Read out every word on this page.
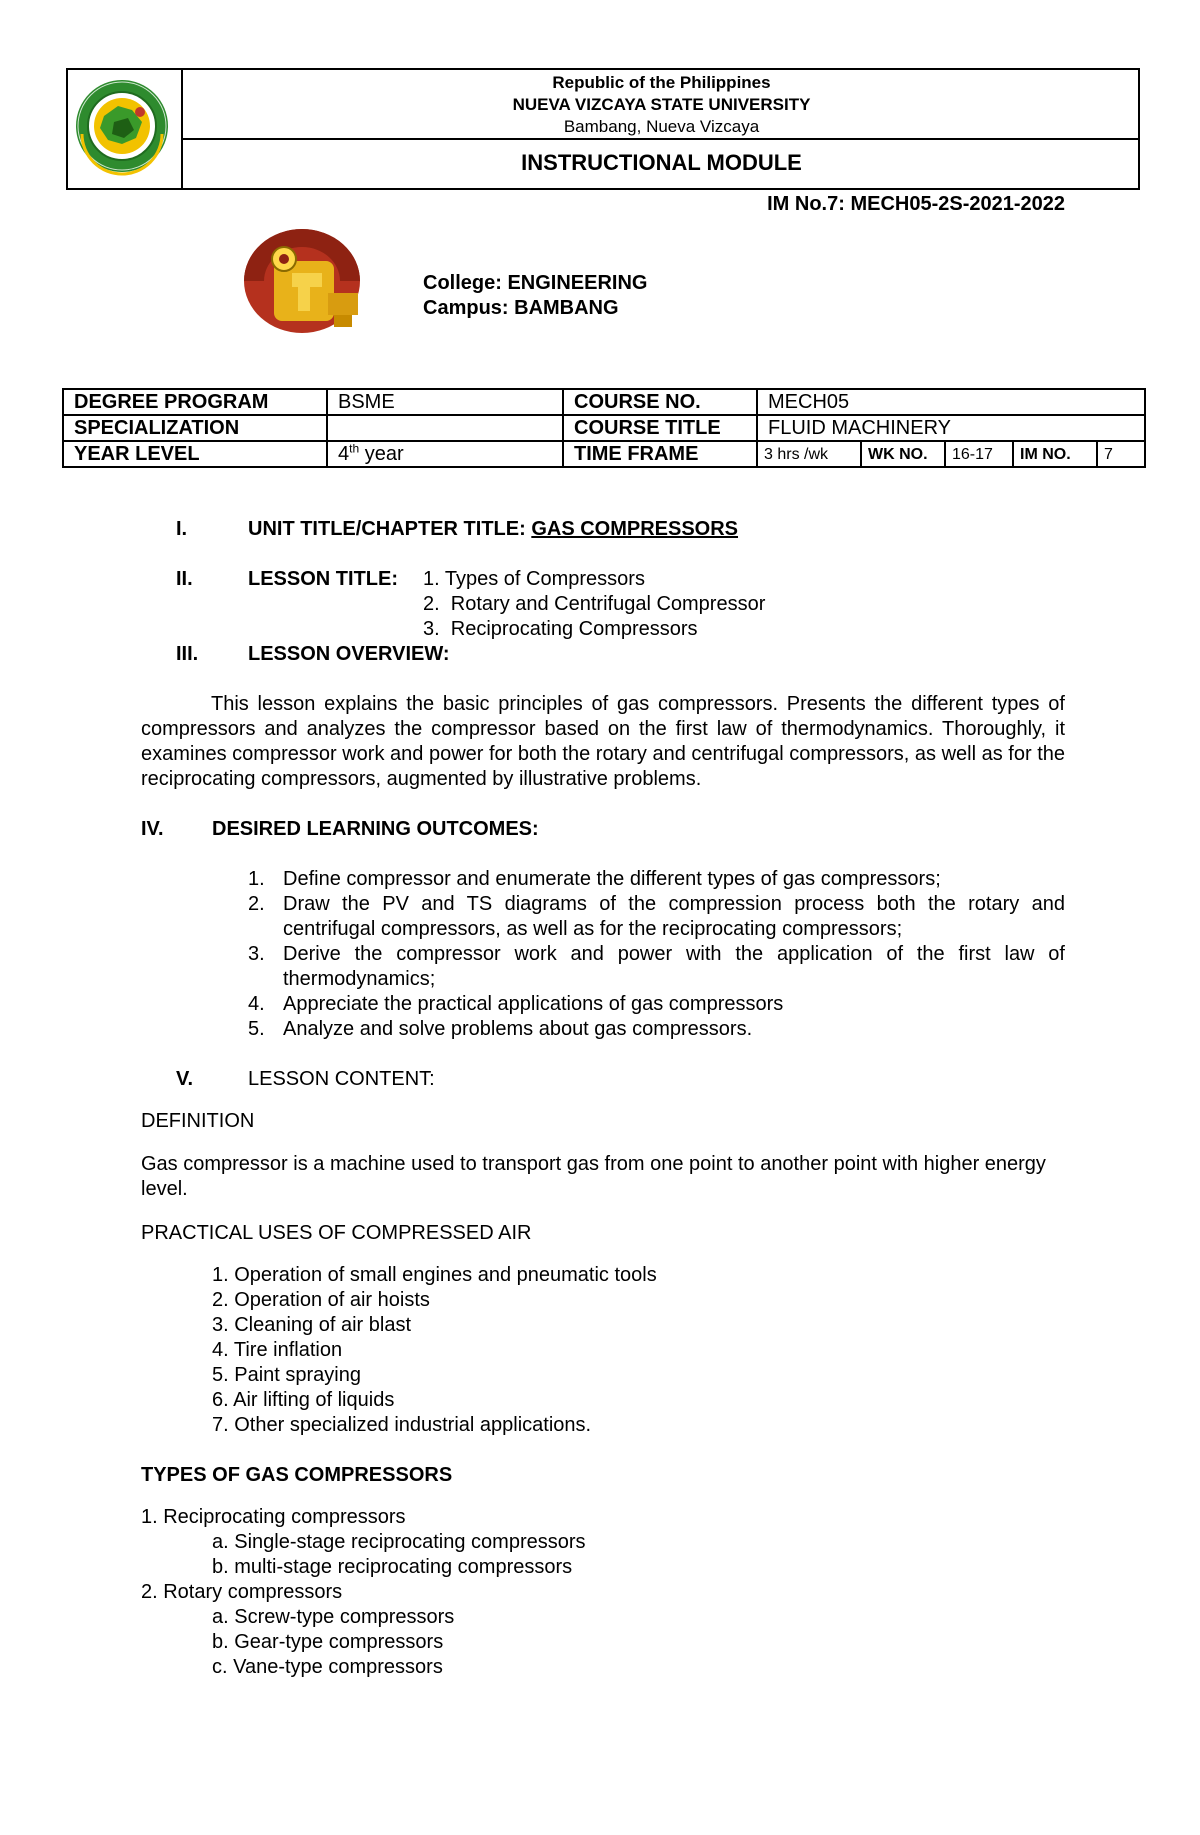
Republic of the Philippines
NUEVA VIZCAYA STATE UNIVERSITY
Bambang, Nueva Vizcaya
INSTRUCTIONAL MODULE
IM No.7: MECH05-2S-2021-2022
College: ENGINEERING
Campus: BAMBANG
DEGREE PROGRAM	BSME	COURSE NO.	MECH05				
SPECIALIZATION		COURSE TITLE	FLUID MACHINERY				
YEAR LEVEL	4th year	TIME FRAME	3 hrs /wk	WK NO.	16-17	IM NO.	7
I.	UNIT TITLE/CHAPTER TITLE: GAS COMPRESSORS
II.	LESSON TITLE: 1. Types of Compressors
2.  Rotary and Centrifugal Compressor
3.  Reciprocating Compressors
III. LESSON OVERVIEW:
This lesson explains the basic principles of gas compressors. Presents the different types of compressors and analyzes the compressor based on the first law of thermodynamics. Thoroughly, it examines compressor work and power for both the rotary and centrifugal compressors, as well as for the reciprocating compressors, augmented by illustrative problems.
IV. DESIRED LEARNING OUTCOMES:
1. Define compressor and enumerate the different types of gas compressors;
2. Draw the PV and TS diagrams of the compression process both the rotary and centrifugal compressors, as well as for the reciprocating compressors;
3. Derive the compressor work and power with the application of the first law of thermodynamics;
4. Appreciate the practical applications of gas compressors
5. Analyze and solve problems about gas compressors.
V.	LESSON CONTENT:
DEFINITION
Gas compressor is a machine used to transport gas from one point to another point with higher energy level.
PRACTICAL USES OF COMPRESSED AIR
1. Operation of small engines and pneumatic tools
2. Operation of air hoists
3. Cleaning of air blast
4. Tire inflation
5. Paint spraying
6. Air lifting of liquids
7. Other specialized industrial applications.
TYPES OF GAS COMPRESSORS
1. Reciprocating compressors
a. Single-stage reciprocating compressors
b. multi-stage reciprocating compressors
2. Rotary compressors
a. Screw-type compressors
b. Gear-type compressors
c. Vane-type compressors
